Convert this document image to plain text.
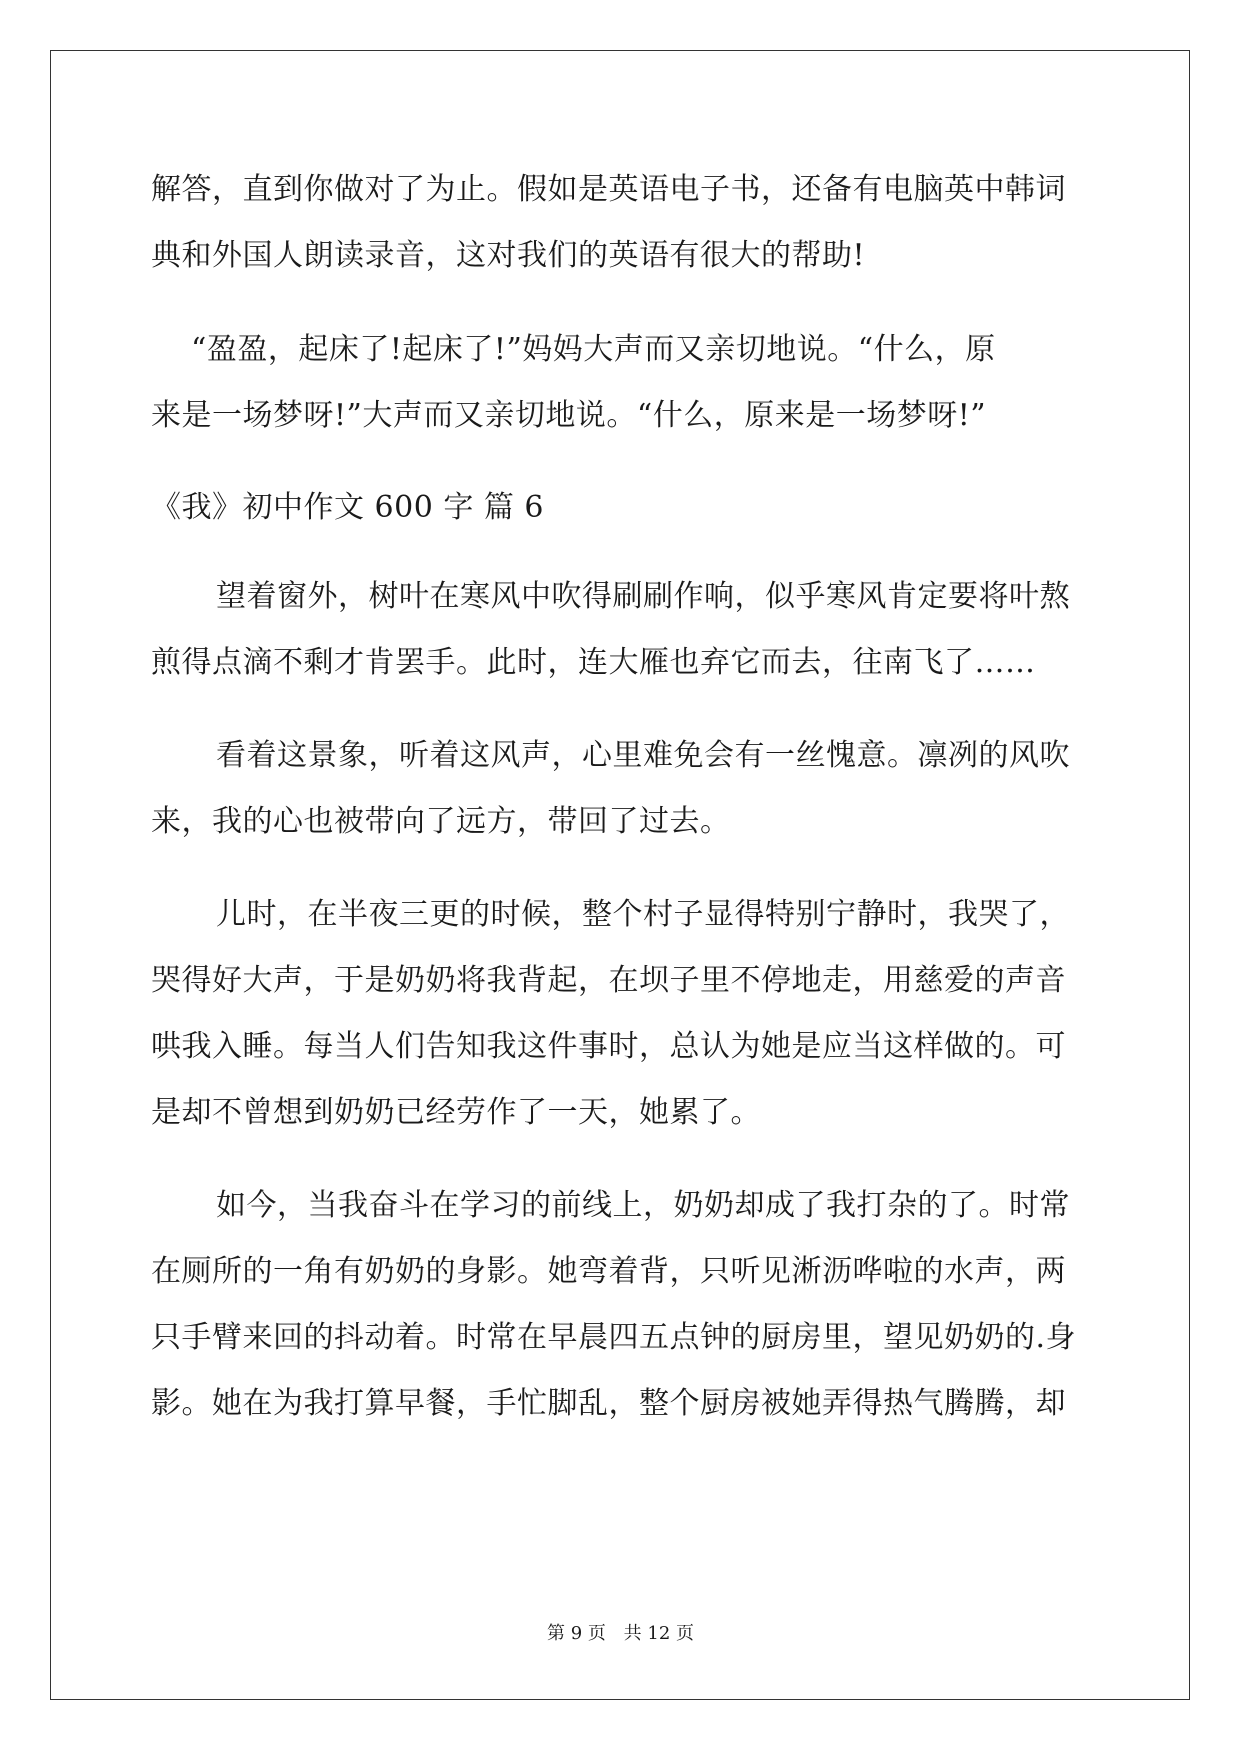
解答，直到你做对了为止。假如是英语电子书，还备有电脑英中韩词
典和外国人朗读录音，这对我们的英语有很大的帮助!
“盈盈，起床了!起床了!”妈妈大声而又亲切地说。“什么，原
来是一场梦呀!”大声而又亲切地说。“什么，原来是一场梦呀!”
《我》初中作文 600 字 篇 6
望着窗外，树叶在寒风中吹得刷刷作响，似乎寒风肯定要将叶熬
煎得点滴不剩才肯罢手。此时，连大雁也弃它而去，往南飞了……
看着这景象，听着这风声，心里难免会有一丝愧意。凛冽的风吹
来，我的心也被带向了远方，带回了过去。
儿时，在半夜三更的时候，整个村子显得特别宁静时，我哭了，
哭得好大声，于是奶奶将我背起，在坝子里不停地走，用慈爱的声音
哄我入睡。每当人们告知我这件事时，总认为她是应当这样做的。可
是却不曾想到奶奶已经劳作了一天，她累了。
如今，当我奋斗在学习的前线上，奶奶却成了我打杂的了。时常
在厕所的一角有奶奶的身影。她弯着背，只听见淅沥哗啦的水声，两
只手臂来回的抖动着。时常在早晨四五点钟的厨房里，望见奶奶的.身
影。她在为我打算早餐，手忙脚乱，整个厨房被她弄得热气腾腾，却
第 9 页 共 12 页
